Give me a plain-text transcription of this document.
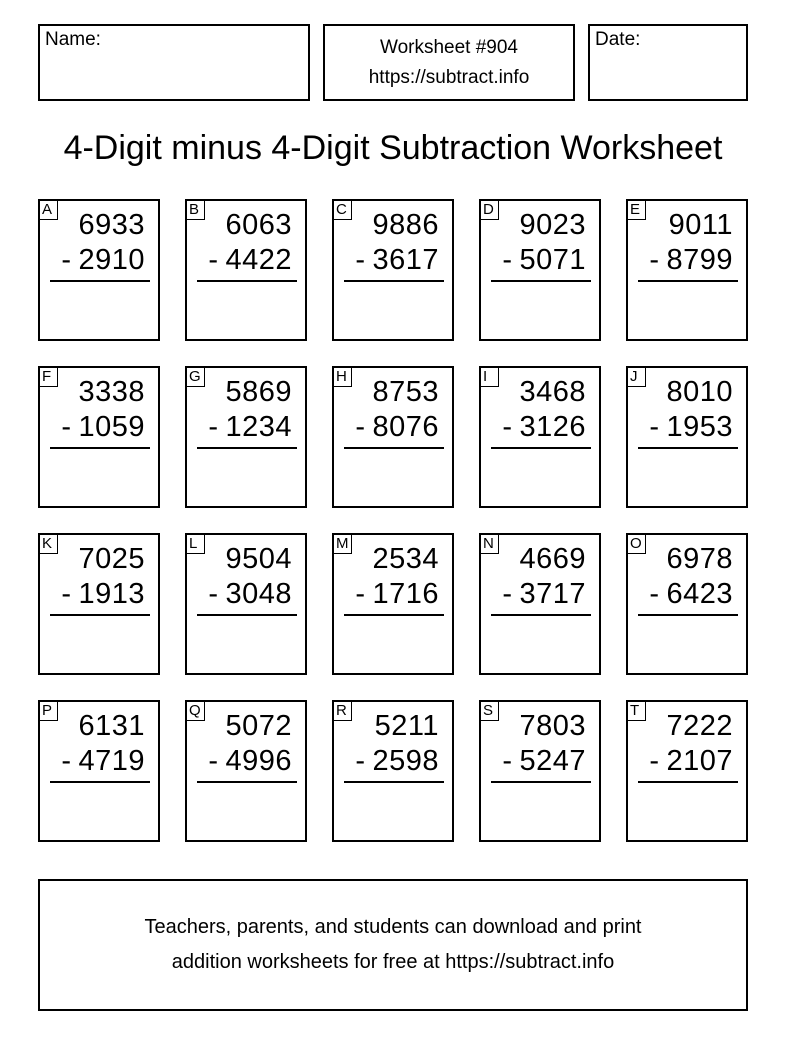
Name:	Worksheet #904
https://subtract.info
Date:
4-Digit minus 4-Digit Subtraction Worksheet
A 6933
- 2910
B 6063
- 4422
C 9886
- 3617
D 9023
- 5071
E 9011
- 8799
F 3338
- 1059
G 5869
- 1234
H 8753
- 8076
I	3468
- 3126
J 8010
- 1953
K 7025
- 1913
L 9504
- 3048
M 2534
- 1716
N 4669
- 3717
O 6978
- 6423
P 6131
- 4719
Q 5072
- 4996
R 5211
- 2598
S 7803
- 5247
T 7222
- 2107
Teachers, parents, and students can download and print
addition worksheets for free at https://subtract.info
